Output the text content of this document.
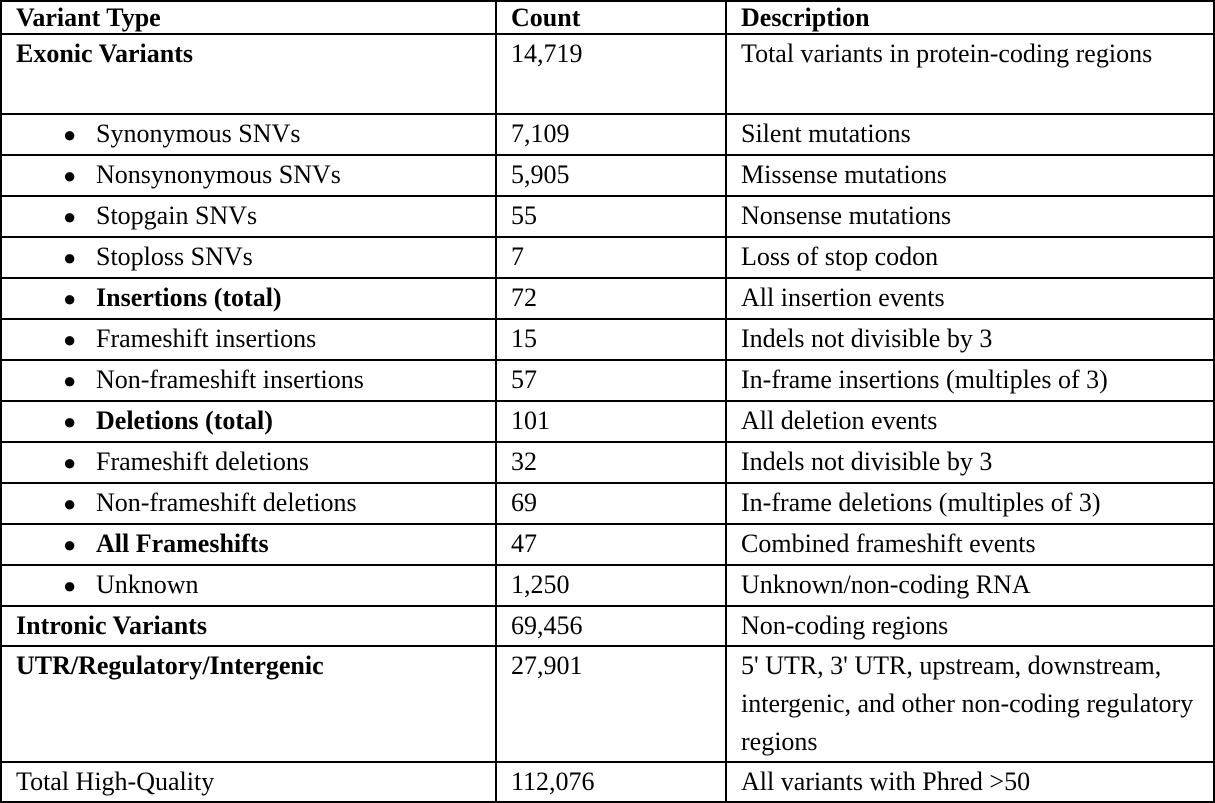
Variant Type	Count	Description
Exonic Variants	14,719	Total variants in protein-coding regions
● Synonymous SNVs	7,109	Silent mutations
● Nonsynonymous SNVs	5,905	Missense mutations
● Stopgain SNVs	55	Nonsense mutations
● Stoploss SNVs	7	Loss of stop codon
● Insertions (total)	72	All insertion events
● Frameshift insertions	15	Indels not divisible by 3
● Non-frameshift insertions	57	In-frame insertions (multiples of 3)
● Deletions (total)	101	All deletion events
● Frameshift deletions	32	Indels not divisible by 3
● Non-frameshift deletions	69	In-frame deletions (multiples of 3)
● All Frameshifts	47	Combined frameshift events
● Unknown	1,250	Unknown/non-coding RNA
Intronic Variants	69,456	Non-coding regions
UTR/Regulatory/Intergenic	27,901	5' UTR, 3' UTR, upstream, downstream, intergenic, and other non-coding regulatory regions
Total High-Quality	112,076	All variants with Phred >50
